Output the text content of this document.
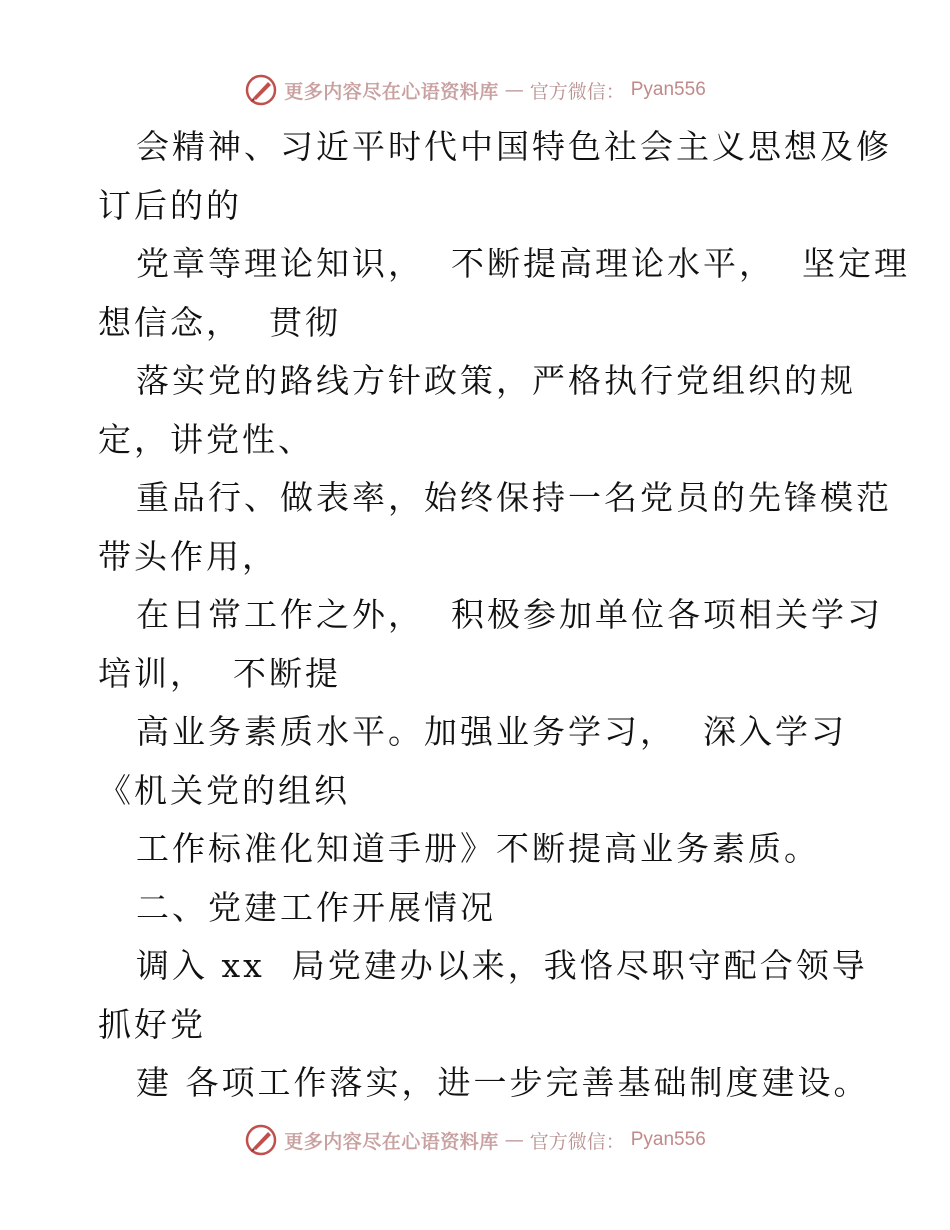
更多内容尽在心语资料库 — 官方微信： Pyan556
会精神、习近平时代中国特色社会主义思想及修
订后的的
党章等理论知识，  不断提高理论水平，  坚定理
想信念，  贯彻
落实党的路线方针政策，严格执行党组织的规
定，讲党性、
重品行、做表率，始终保持一名党员的先锋模范
带头作用，
在日常工作之外，  积极参加单位各项相关学习
培训，  不断提
高业务素质水平。加强业务学习，  深入学习
《机关党的组织
工作标准化知道手册》不断提高业务素质。
二、党建工作开展情况
调入 xx  局党建办以来，我恪尽职守配合领导
抓好党
建 各项工作落实，进一步完善基础制度建设。
更多内容尽在心语资料库 — 官方微信： Pyan556
